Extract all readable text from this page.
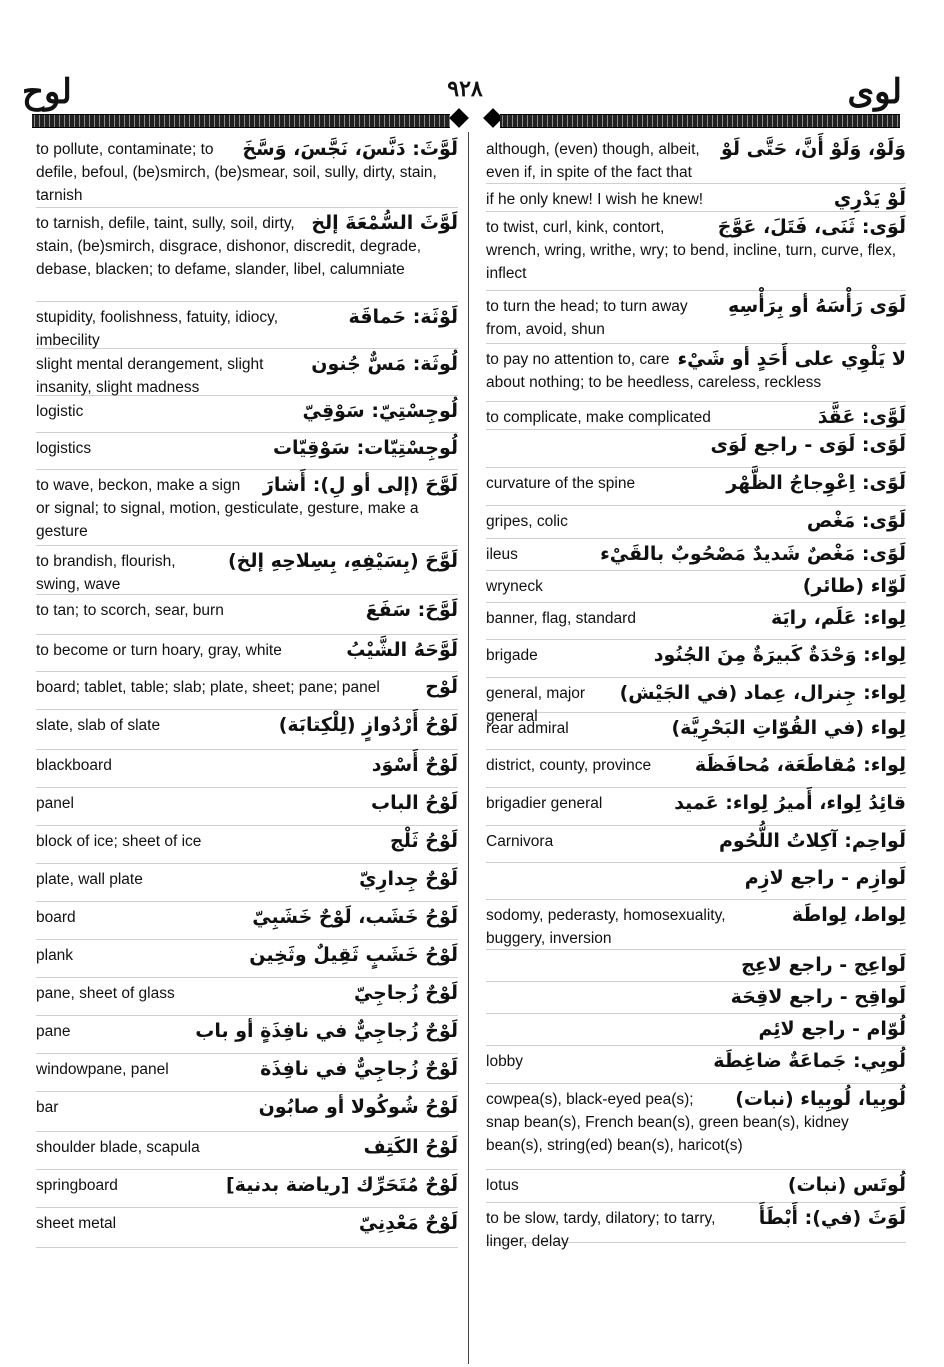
لوح	٩٢٨	لوى
لَوَّثَ: دَنَّسَ، نَجَّسَ، وَسَّخَ
to pollute, contaminate; to defile, befoul, (be)smirch, (be)smear, soil, sully, dirty, stain, tarnish
لَوَّثَ السُّمْعَةَ إلخ
to tarnish, defile, taint, sully, soil, dirty, stain, (be)smirch, disgrace, dishonor, discredit, degrade, debase, blacken; to defame, slander, libel, calumniate
لَوْثَة: حَماقَة
stupidity, foolishness, fatuity, idiocy, imbecility
لُوثَة: مَسٌّ جُنون
slight mental derangement, slight insanity, slight madness
لُوجِسْتِيّ: سَوْقِيّ
logistic
لُوجِسْتِيّات: سَوْقِيّات
logistics
لَوَّحَ (إلى أو لِ): أَشارَ
to wave, beckon, make a sign or signal; to signal, motion, gesticulate, gesture, make a gesture
لَوَّحَ (بِسَيْفِهِ، بِسِلاحِهِ إلخ)
to brandish, flourish, swing, wave
لَوَّحَ: سَفَعَ
to tan; to scorch, sear, burn
لَوَّحَهُ الشَّيْبُ
to become or turn hoary, gray, white
لَوْح
board; tablet, table; slab; plate, sheet; pane; panel
لَوْحُ أَرْدُوازٍ (لِلْكِتابَة)
slate, slab of slate
لَوْحٌ أَسْوَد
blackboard
لَوْحُ الباب
panel
لَوْحُ ثَلْج
block of ice; sheet of ice
لَوْحٌ جِدارِيّ
plate, wall plate
لَوْحُ خَشَب، لَوْحٌ خَشَبِيّ
board
لَوْحُ خَشَبٍ ثَقِيلٌ وثَخِين
plank
لَوْحٌ زُجاجِيّ
pane, sheet of glass
لَوْحٌ زُجاجِيٌّ في نافِذَةٍ أو باب
pane
لَوْحٌ زُجاجِيٌّ في نافِذَة
windowpane, panel
لَوْحُ شُوكُولا أو صابُون
bar
لَوْحُ الكَتِف
shoulder blade, scapula
لَوْحٌ مُتَحَرِّك [رياضة بدنية]
springboard
لَوْحٌ مَعْدِنِيّ
sheet metal
وَلَوْ، وَلَوْ أَنَّ، حَتَّى لَوْ
although, (even) though, albeit, even if, in spite of the fact that
لَوْ يَدْرِي
if he only knew! I wish he knew!
لَوَى: ثَنَى، فَتَلَ، عَوَّجَ
to twist, curl, kink, contort, wrench, wring, writhe, wry; to bend, incline, turn, curve, flex, inflect
لَوَى رَأْسَهُ أو بِرَأْسِهِ
to turn the head; to turn away from, avoid, shun
لا يَلْوِي على أَحَدٍ أو شَيْء
to pay no attention to, care about nothing; to be heedless, careless, reckless
لَوَّى: عَقَّدَ
to complicate, make complicated
لَوًى: لَوَى - راجع لَوَى
لَوًى: اِعْوِجاجُ الظَّهْر
curvature of the spine
لَوًى: مَغْص
gripes, colic
لَوًى: مَغْصٌ شَديدٌ مَصْحُوبٌ بالقَيْء
ileus
لَوّاء (طائر)
wryneck
لِواء: عَلَم، رايَة
banner, flag, standard
لِواء: وَحْدَةٌ كَبيرَةٌ مِنَ الجُنُود
brigade
لِواء: جِنرال، عِماد (في الجَيْش)
general, major general
لِواء (في القُوّاتِ البَحْرِيَّة)
rear admiral
لِواء: مُقاطَعَة، مُحافَظَة
district, county, province
قائِدُ لِواء، أَميرُ لِواء: عَميد
brigadier general
لَواحِم: آكِلاتُ اللُّحُوم
Carnivora
لَوازِم - راجع لازِم
لِواط، لِواطَة
sodomy, pederasty, homosexuality, buggery, inversion
لَواعِج - راجع لاعِج
لَواقِح - راجع لاقِحَة
لُوّام - راجع لائِم
لُوبِي: جَماعَةٌ ضاغِطَة
lobby
لُوبِيا، لُوبِياء (نبات)
cowpea(s), black-eyed pea(s); snap bean(s), French bean(s), green bean(s), kidney bean(s), string(ed) bean(s), haricot(s)
لُوتَس (نبات)
lotus
لَوَثَ (في): أَبْطَأَ
to be slow, tardy, dilatory; to tarry, linger, delay
